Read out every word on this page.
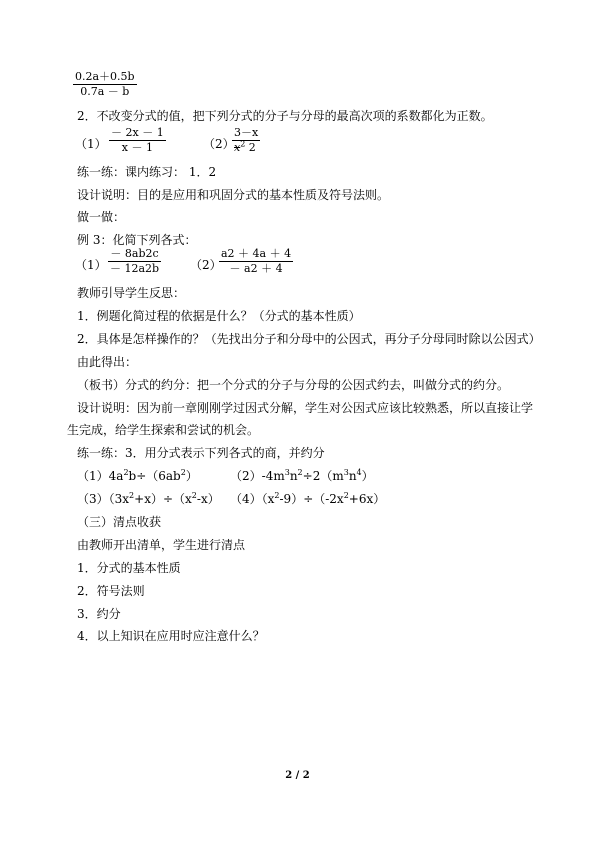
$\frac{0.2a+0.5b}{0.7a - b}$
2．不改变分式的值，把下列分式的分子与分母的最高次项的系数都化为正数。
$(1) \frac{- 2x - 1}{x - 1}$	（2）
$\frac{3-x}{x^2 2}$
练一练：课内练习： 1．2
设计说明：目的是应用和巩固分式的基本性质及符号法则。
做一做：
例 3：化简下列各式：
$(1) \frac{- 8ab2c}{- 12a2b} (2)$
$\frac{a2 + 4a + 4}{- a2 + 4}$
教师引导学生反思：
1．例题化简过程的依据是什么？（分式的基本性质）
2．具体是怎样操作的？（先找出分子和分母中的公因式，再分子分母同时除以公因式）
由此得出：
（板书）分式的约分：把一个分式的分子与分母的公因式约去，叫做分式的约分。
设计说明：因为前一章刚刚学过因式分解，学生对公因式应该比较熟悉，所以直接让学
生完成，给学生探索和尝试的机会。
练一练：3．用分式表示下列各式的商，并约分
$(1)4a^2b\div(6ab^2)$	$(2)-4m^3n^2\div 2(m^3n^4)$
$(3)(3x^2+x)\div(x^2-x)$ $(4)(x^2-9)\div(-2x^2+6x)$
（三）清点收获
由教师开出清单，学生进行清点
1．分式的基本性质
2．符号法则
3．约分
4．以上知识在应用时应注意什么？
2 / 2
